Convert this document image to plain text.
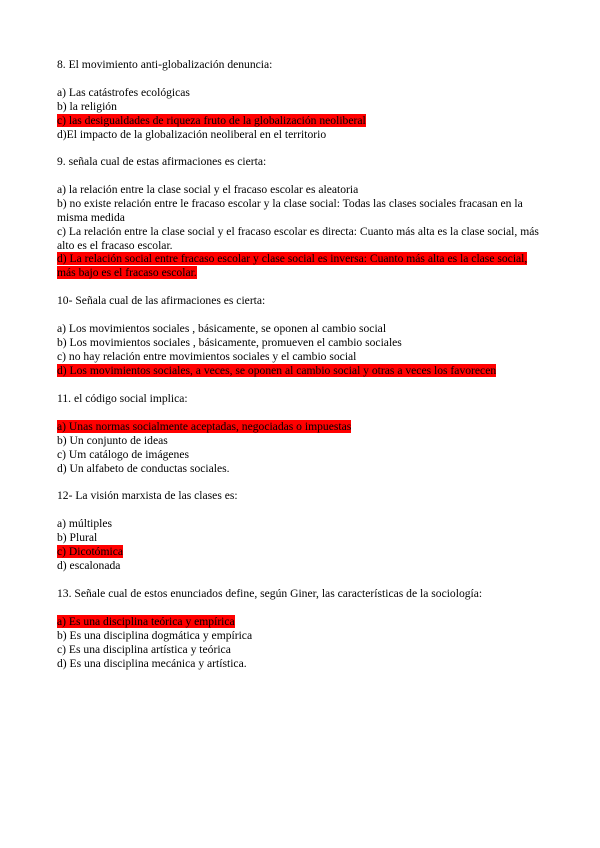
8. El movimiento anti-globalización denuncia:

a) Las catástrofes ecológicas
b) la religión
c) las desigualdades de riqueza fruto de la globalización neoliberal
d)El impacto de la globalización neoliberal en el territorio

9. señala cual de estas afirmaciones es cierta:

a) la relación entre la clase social y el fracaso escolar es aleatoria
b) no existe relación entre le fracaso escolar y la clase social: Todas las clases sociales fracasan en la misma medida
c) La relación entre la clase social y el fracaso escolar es directa: Cuanto más alta es la clase social, más alto es el fracaso escolar.
d) La relación social entre fracaso escolar y clase social es inversa: Cuanto más alta es la clase social, más bajo es el fracaso escolar.

10- Señala cual de las afirmaciones es cierta:

a) Los movimientos sociales , básicamente, se oponen al cambio social
b) Los movimientos sociales , básicamente, promueven el cambio sociales
c) no hay relación entre movimientos sociales y el cambio social
d) Los movimientos sociales, a veces, se oponen al cambio social y otras a veces los favorecen

11. el código social implica:

a) Unas normas socialmente aceptadas, negociadas o impuestas
b) Un conjunto de ideas
c) Um catálogo de imágenes
d) Un alfabeto de conductas sociales.

12- La visión marxista de las clases es:

a) múltiples
b) Plural
c) Dicotómica
d) escalonada

13. Señale cual de estos enunciados define, según Giner, las características de la sociología:

a) Es una disciplina teórica y empírica
b) Es una disciplina dogmática y empírica
c) Es una disciplina artística y teórica
d) Es una disciplina mecánica y artística.
